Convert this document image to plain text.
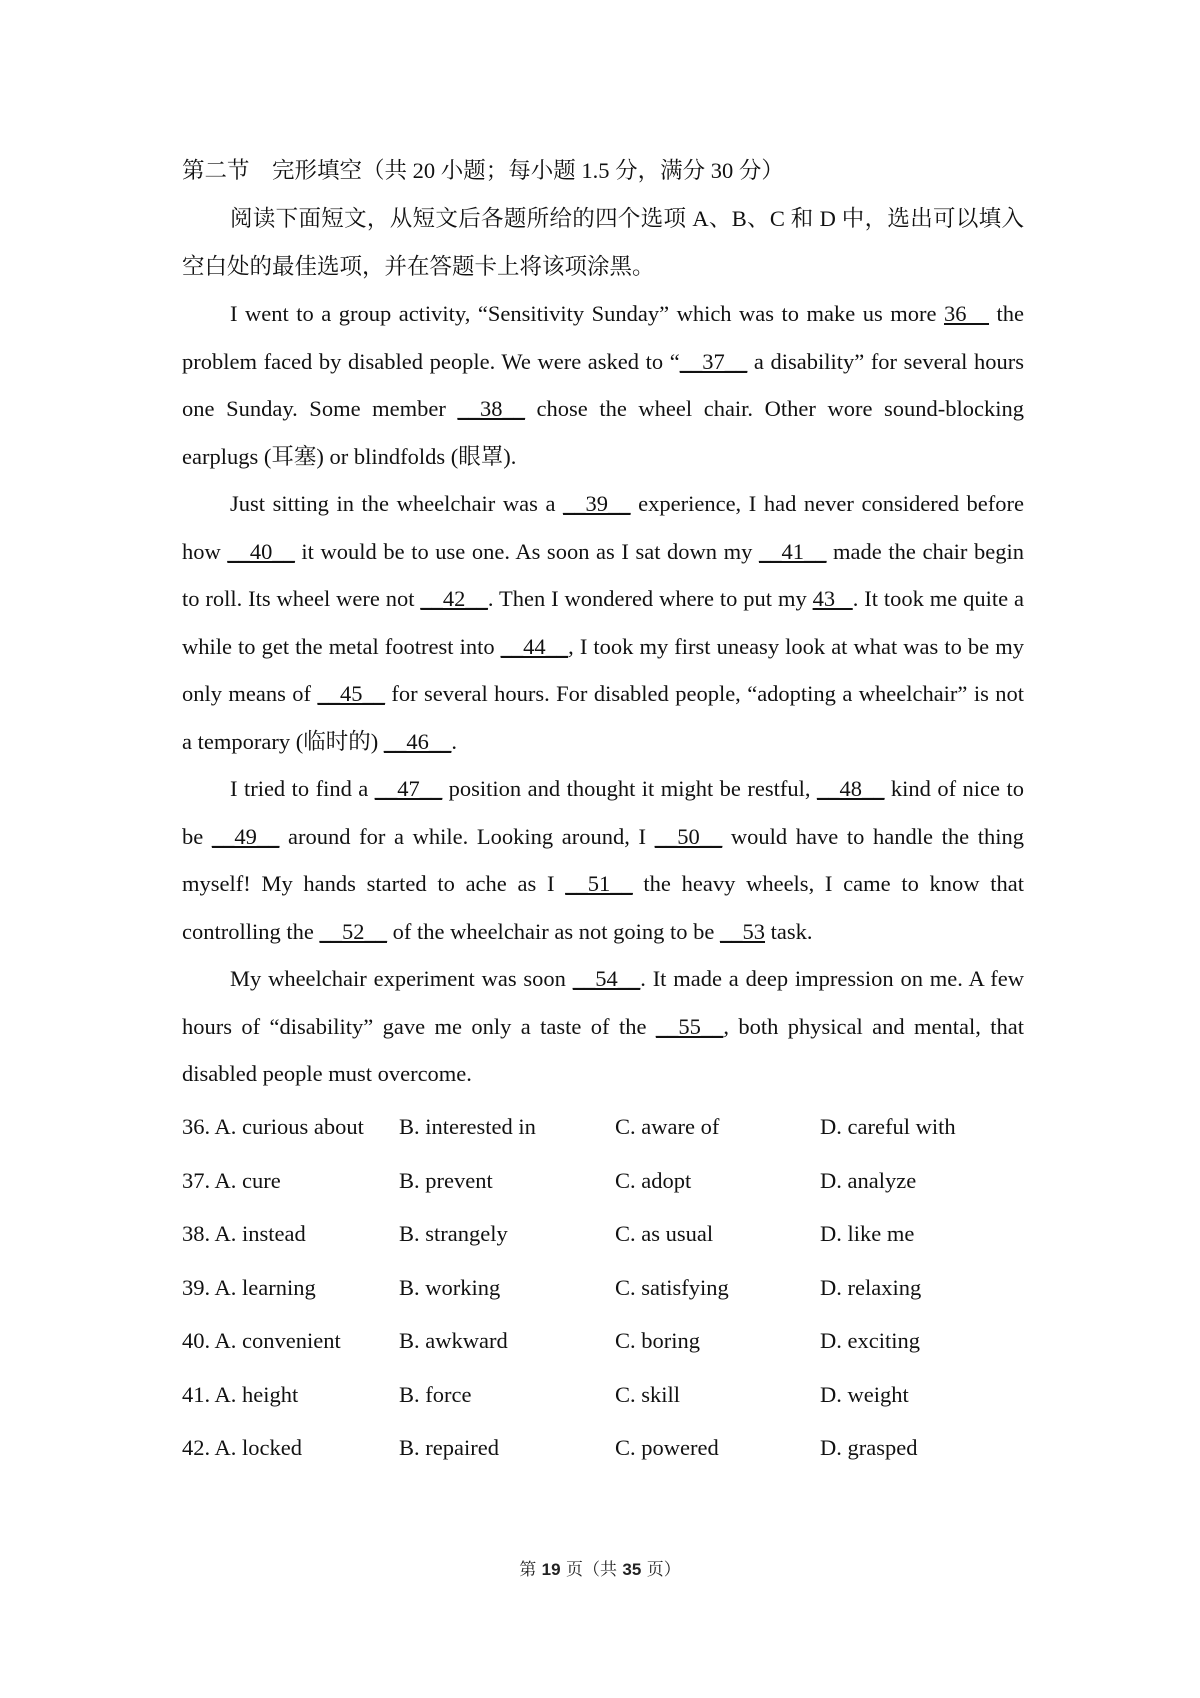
第二节　完形填空（共 20 小题；每小题 1.5 分，满分 30 分）

阅读下面短文，从短文后各题所给的四个选项 A、B、C 和 D 中，选出可以填入空白处的最佳选项，并在答题卡上将该项涂黑。

I went to a group activity, “Sensitivity Sunday” which was to make us more 36    the problem faced by disabled people. We were asked to “__37__ a disability” for several hours one Sunday. Some member __38__ chose the wheel chair. Other wore sound-blocking earplugs (耳塞) or blindfolds (眼罩).

Just sitting in the wheelchair was a __39__ experience, I had never considered before how __40__ it would be to use one. As soon as I sat down my __41__ made the chair begin to roll. Its wheel were not __42__. Then I wondered where to put my 43   . It took me quite a while to get the metal footrest into __44__, I took my first uneasy look at what was to be my only means of __45__ for several hours. For disabled people, “adopting a wheelchair” is not a temporary (临时的) __46__.

I tried to find a __47__ position and thought it might be restful, __48__ kind of nice to be __49__ around for a while. Looking around, I __50__ would have to handle the thing myself! My hands started to ache as I __51__ the heavy wheels, I came to know that controlling the __52__ of the wheelchair as not going to be __53 task.

My wheelchair experiment was soon __54__. It made a deep impression on me. A few hours of “disability” gave me only a taste of the __55__, both physical and mental, that disabled people must overcome.

36. A. curious about	B. interested in	C. aware of	D. careful with
37. A. cure	B. prevent	C. adopt	D. analyze
38. A. instead	B. strangely	C. as usual	D. like me
39. A. learning	B. working	C. satisfying	D. relaxing
40. A. convenient	B. awkward	C. boring	D. exciting
41. A. height	B. force	C. skill	D. weight
42. A. locked	B. repaired	C. powered	D. grasped
第 19 页（共 35 页）
